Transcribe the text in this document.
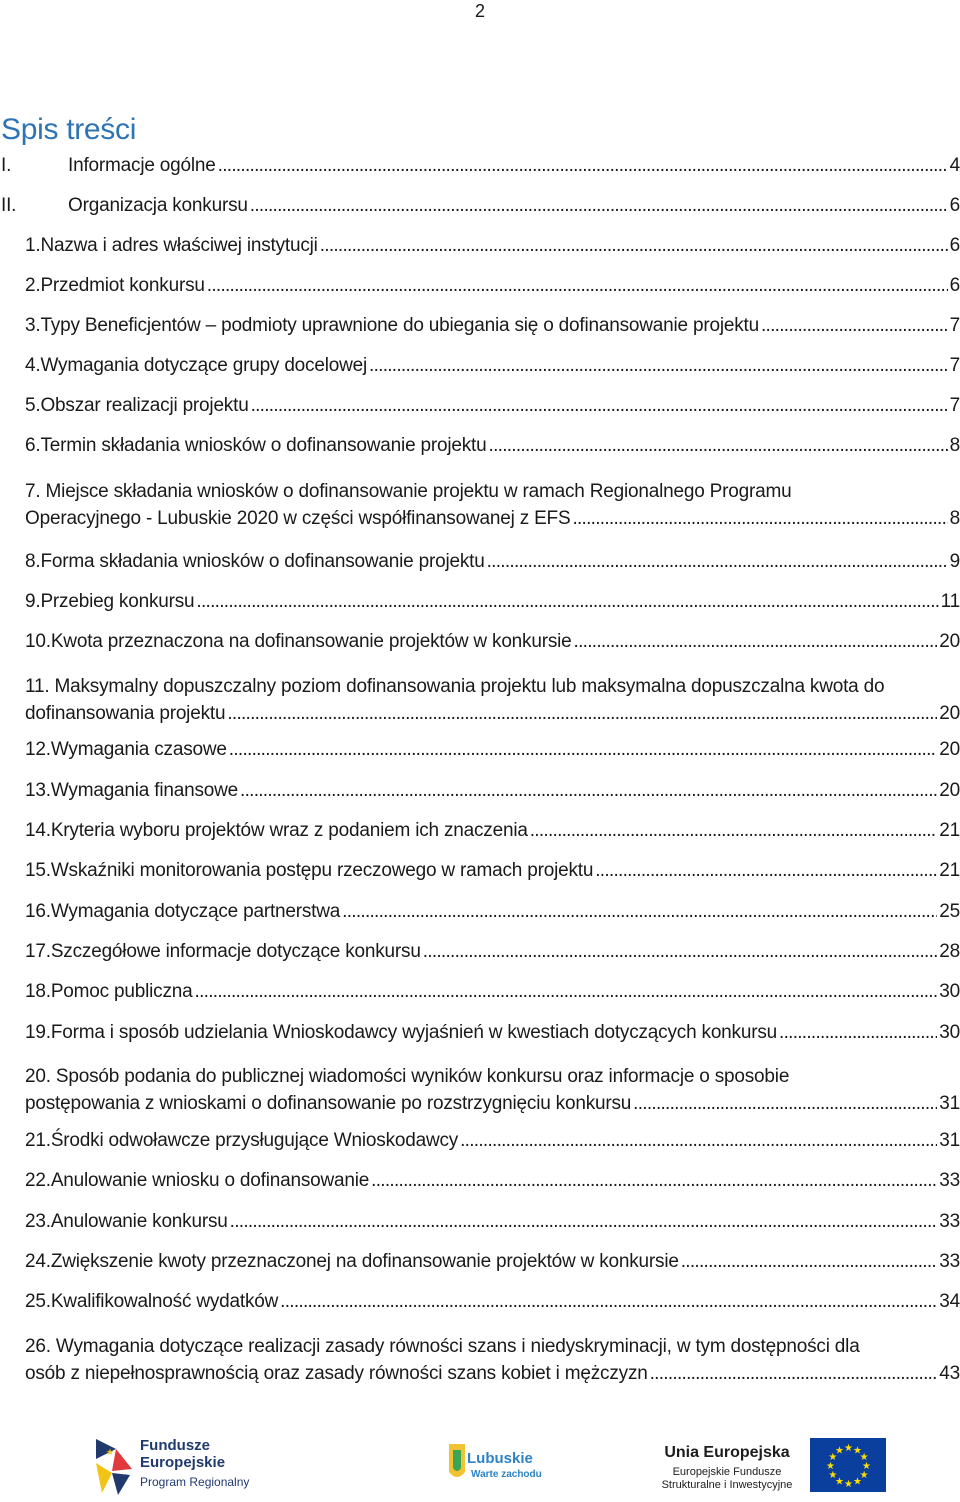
2
Spis treści
I.	Informacje ogólne . . .	4
II.	Organizacja konkursu . . .	6
1.Nazwa i adres właściwej instytucji . . .	6
2.Przedmiot konkursu . . .	6
3.Typy Beneficjentów – podmioty uprawnione do ubiegania się o dofinansowanie projektu . . .	7
4.Wymagania dotyczące grupy docelowej . . .	7
5.Obszar realizacji projektu . . .	7
6.Termin składania wniosków o dofinansowanie projektu . . .	8
7. Miejsce składania wniosków o dofinansowanie projektu w ramach Regionalnego Programu
Operacyjnego - Lubuskie 2020 w części współfinansowanej z EFS . . .	8
8.Forma składania wniosków o dofinansowanie projektu . . .	9
9.Przebieg konkursu . . .	11
10.Kwota przeznaczona na dofinansowanie projektów w konkursie . . .	20
11. Maksymalny dopuszczalny poziom dofinansowania projektu lub maksymalna dopuszczalna kwota do
dofinansowania projektu . . .	20
12.Wymagania czasowe . . .	20
13.Wymagania finansowe . . .	20
14.Kryteria wyboru projektów wraz z podaniem ich znaczenia . . .	21
15.Wskaźniki monitorowania postępu rzeczowego w ramach projektu . . .	21
16.Wymagania dotyczące partnerstwa . . .	25
17.Szczegółowe informacje dotyczące konkursu . . .	28
18.Pomoc publiczna . . .	30
19.Forma i sposób udzielania Wnioskodawcy wyjaśnień w kwestiach dotyczących konkursu . . .	30
20. Sposób podania do publicznej wiadomości wyników konkursu oraz informacje o sposobie
postępowania z wnioskami o dofinansowanie po rozstrzygnięciu konkursu . . .	31
21.Środki odwoławcze przysługujące Wnioskodawcy . . .	31
22.Anulowanie wniosku o dofinansowanie . . .	33
23.Anulowanie konkursu . . .	33
24.Zwiększenie kwoty przeznaczonej na dofinansowanie projektów w konkursie . . .	33
25.Kwalifikowalność wydatków . . .	34
26. Wymagania dotyczące realizacji zasady równości szans i niedyskryminacji, w tym dostępności dla
osób z niepełnosprawnością oraz zasady równości szans kobiet i mężczyzn . . .	43
★ Fundusze
Europejskie
Program Regionalny
Lubuskie
Warte zachodu
Unia Europejska
Europejskie Fundusze
Strukturalne i Inwestycyjne
★
★
★
★
★
★
★
★
★ ★ ★
★
